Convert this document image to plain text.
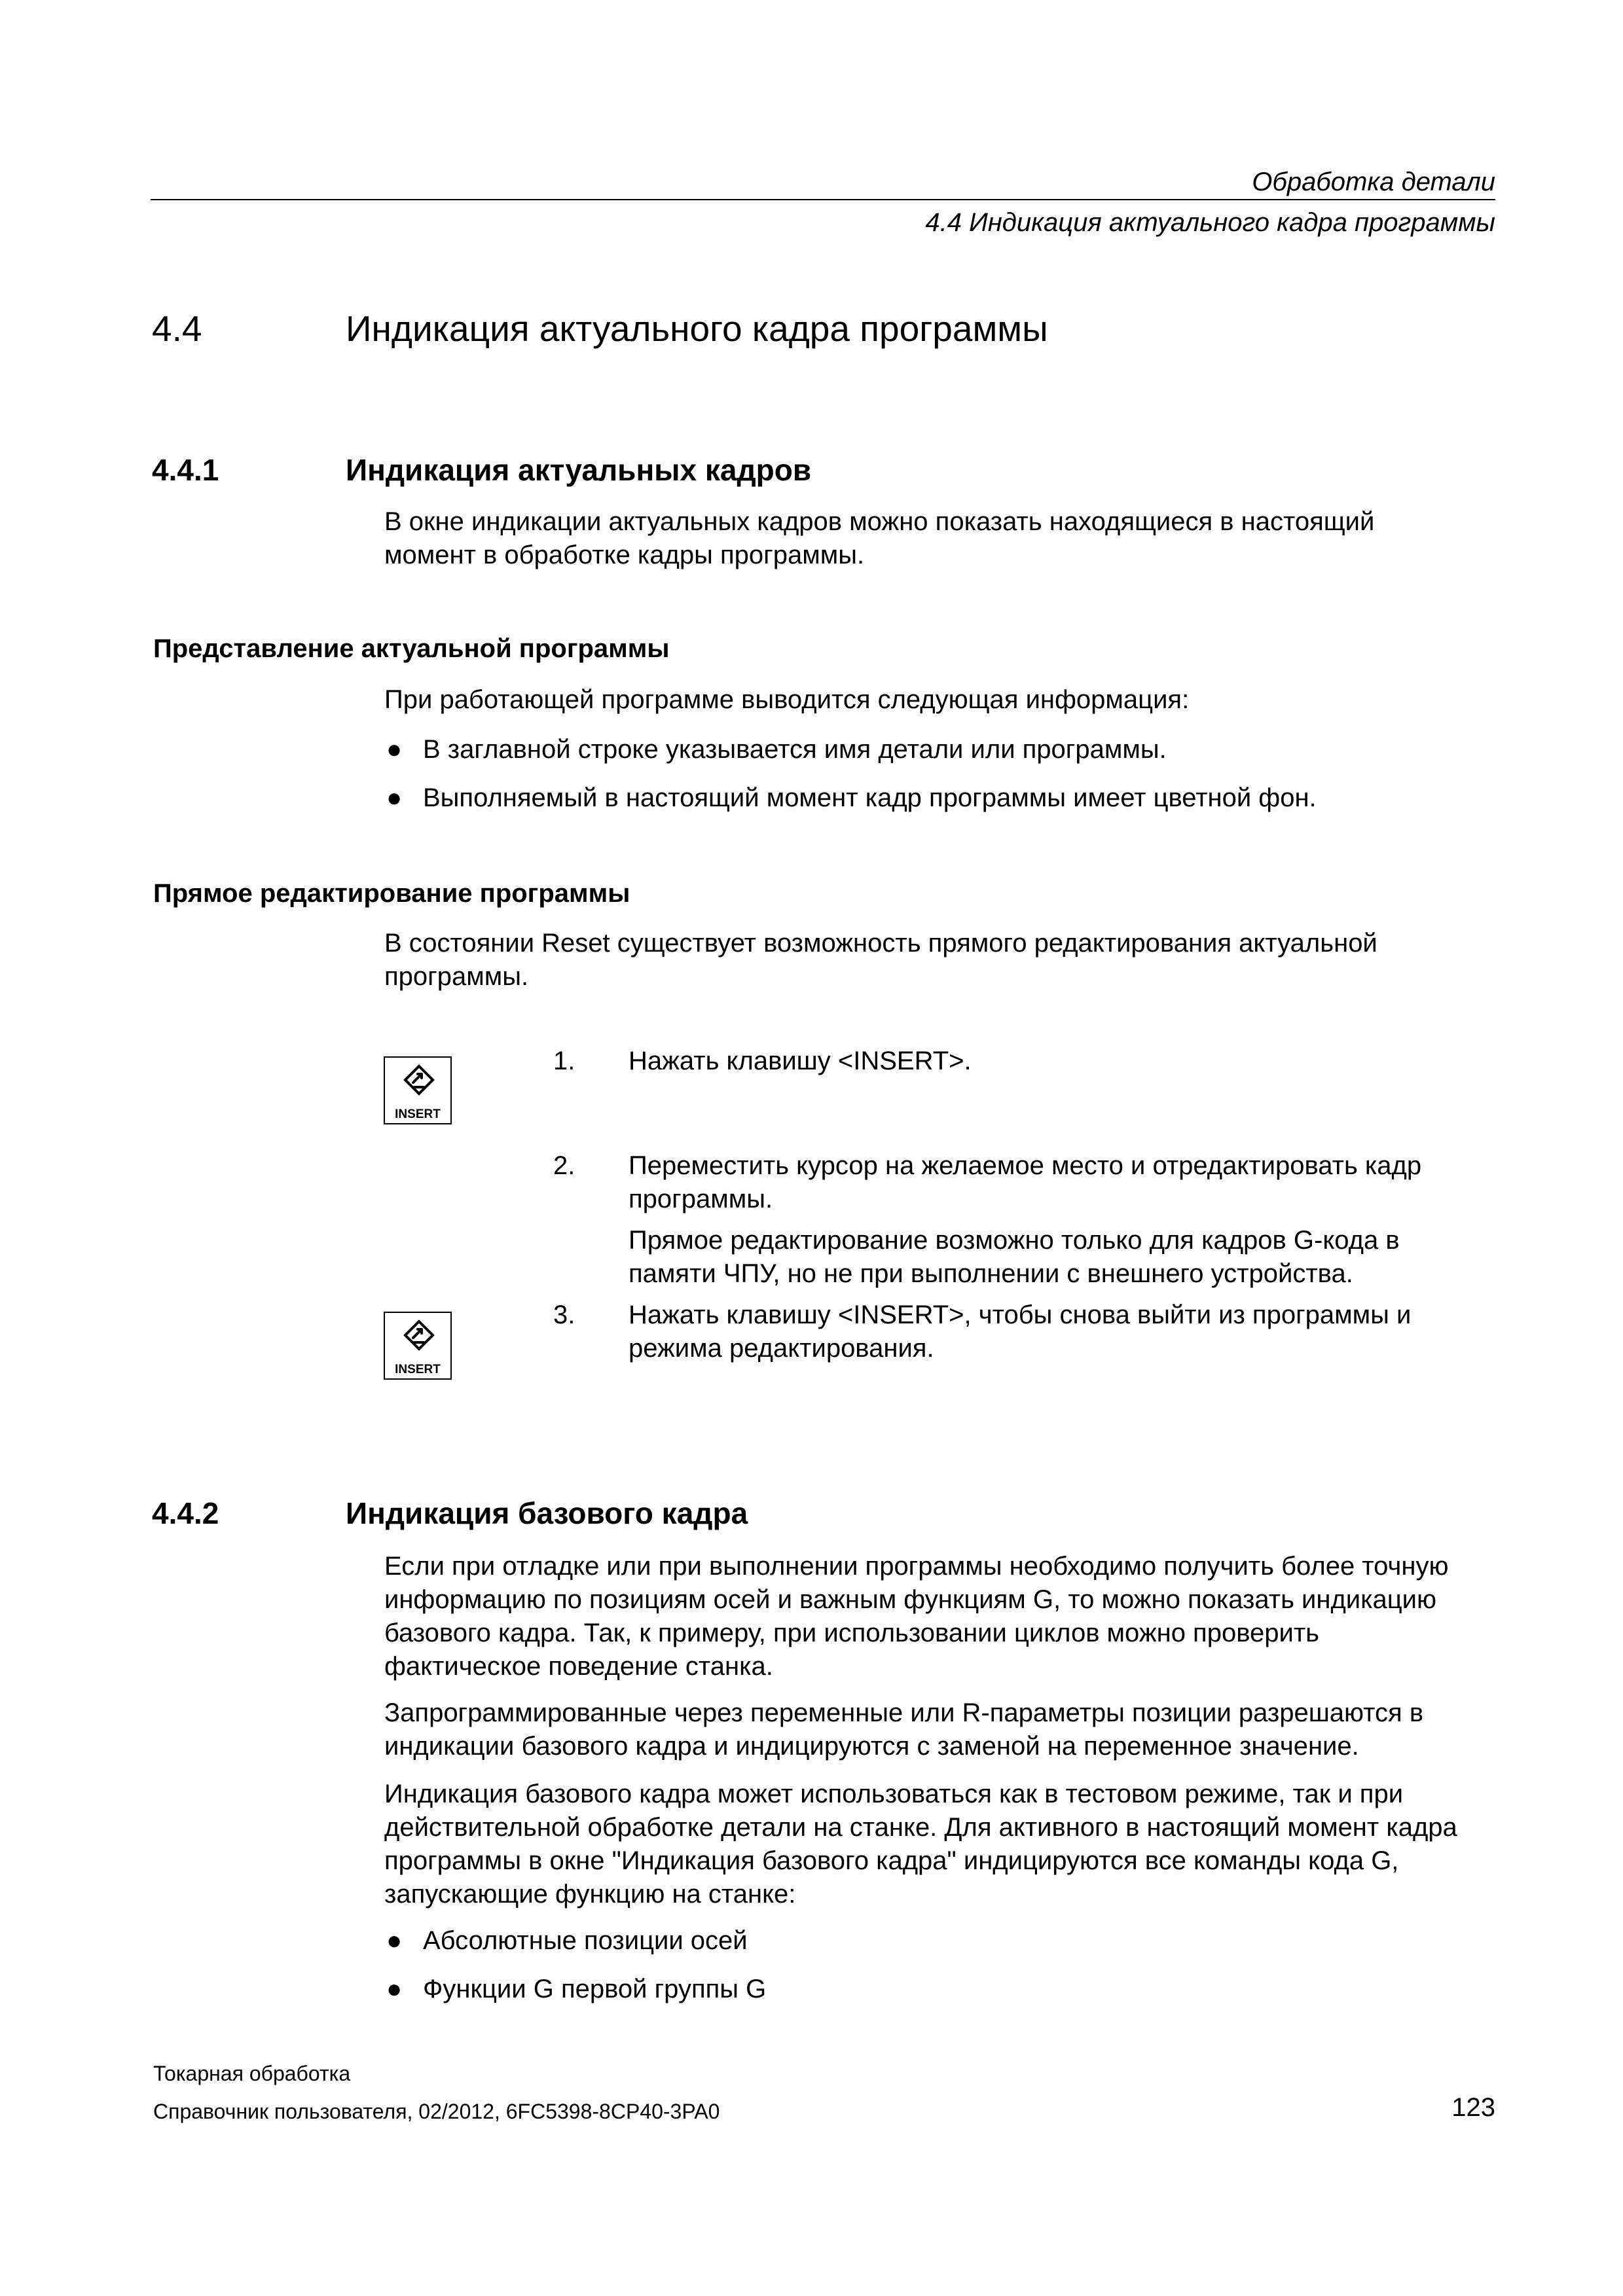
Обработка детали
4.4 Индикация актуального кадра программы
4.4	Индикация актуального кадра программы
4.4.1	Индикация актуальных кадров
В окне индикации актуальных кадров можно показать находящиеся в настоящий
момент в обработке кадры программы.
Представление актуальной программы
При работающей программе выводится следующая информация:
● В заглавной строке указывается имя детали или программы.
● Выполняемый в настоящий момент кадр программы имеет цветной фон.
Прямое редактирование программы
В состоянии Reset существует возможность прямого редактирования актуальной
программы.
INSERT
1. Нажать клавишу <INSERT>.
2. Переместить курсор на желаемое место и отредактировать кадр
программы.
Прямое редактирование возможно только для кадров G-кода в
памяти ЧПУ, но не при выполнении с внешнего устройства.
INSERT
3. Нажать клавишу <INSERT>, чтобы снова выйти из программы и
режима редактирования.
4.4.2	Индикация базового кадра
Если при отладке или при выполнении программы необходимо получить более точную
информацию по позициям осей и важным функциям G, то можно показать индикацию
базового кадра. Так, к примеру, при использовании циклов можно проверить
фактическое поведение станка.
Запрограммированные через переменные или R-параметры позиции разрешаются в
индикации базового кадра и индицируются с заменой на переменное значение.
Индикация базового кадра может использоваться как в тестовом режиме, так и при
действительной обработке детали на станке. Для активного в настоящий момент кадра
программы в окне "Индикация базового кадра" индицируются все команды кода G,
запускающие функцию на станке:
● Абсолютные позиции осей
● Функции G первой группы G
Токарная обработка
Справочник пользователя, 02/2012, 6FC5398-8CP40-3PA0	123
